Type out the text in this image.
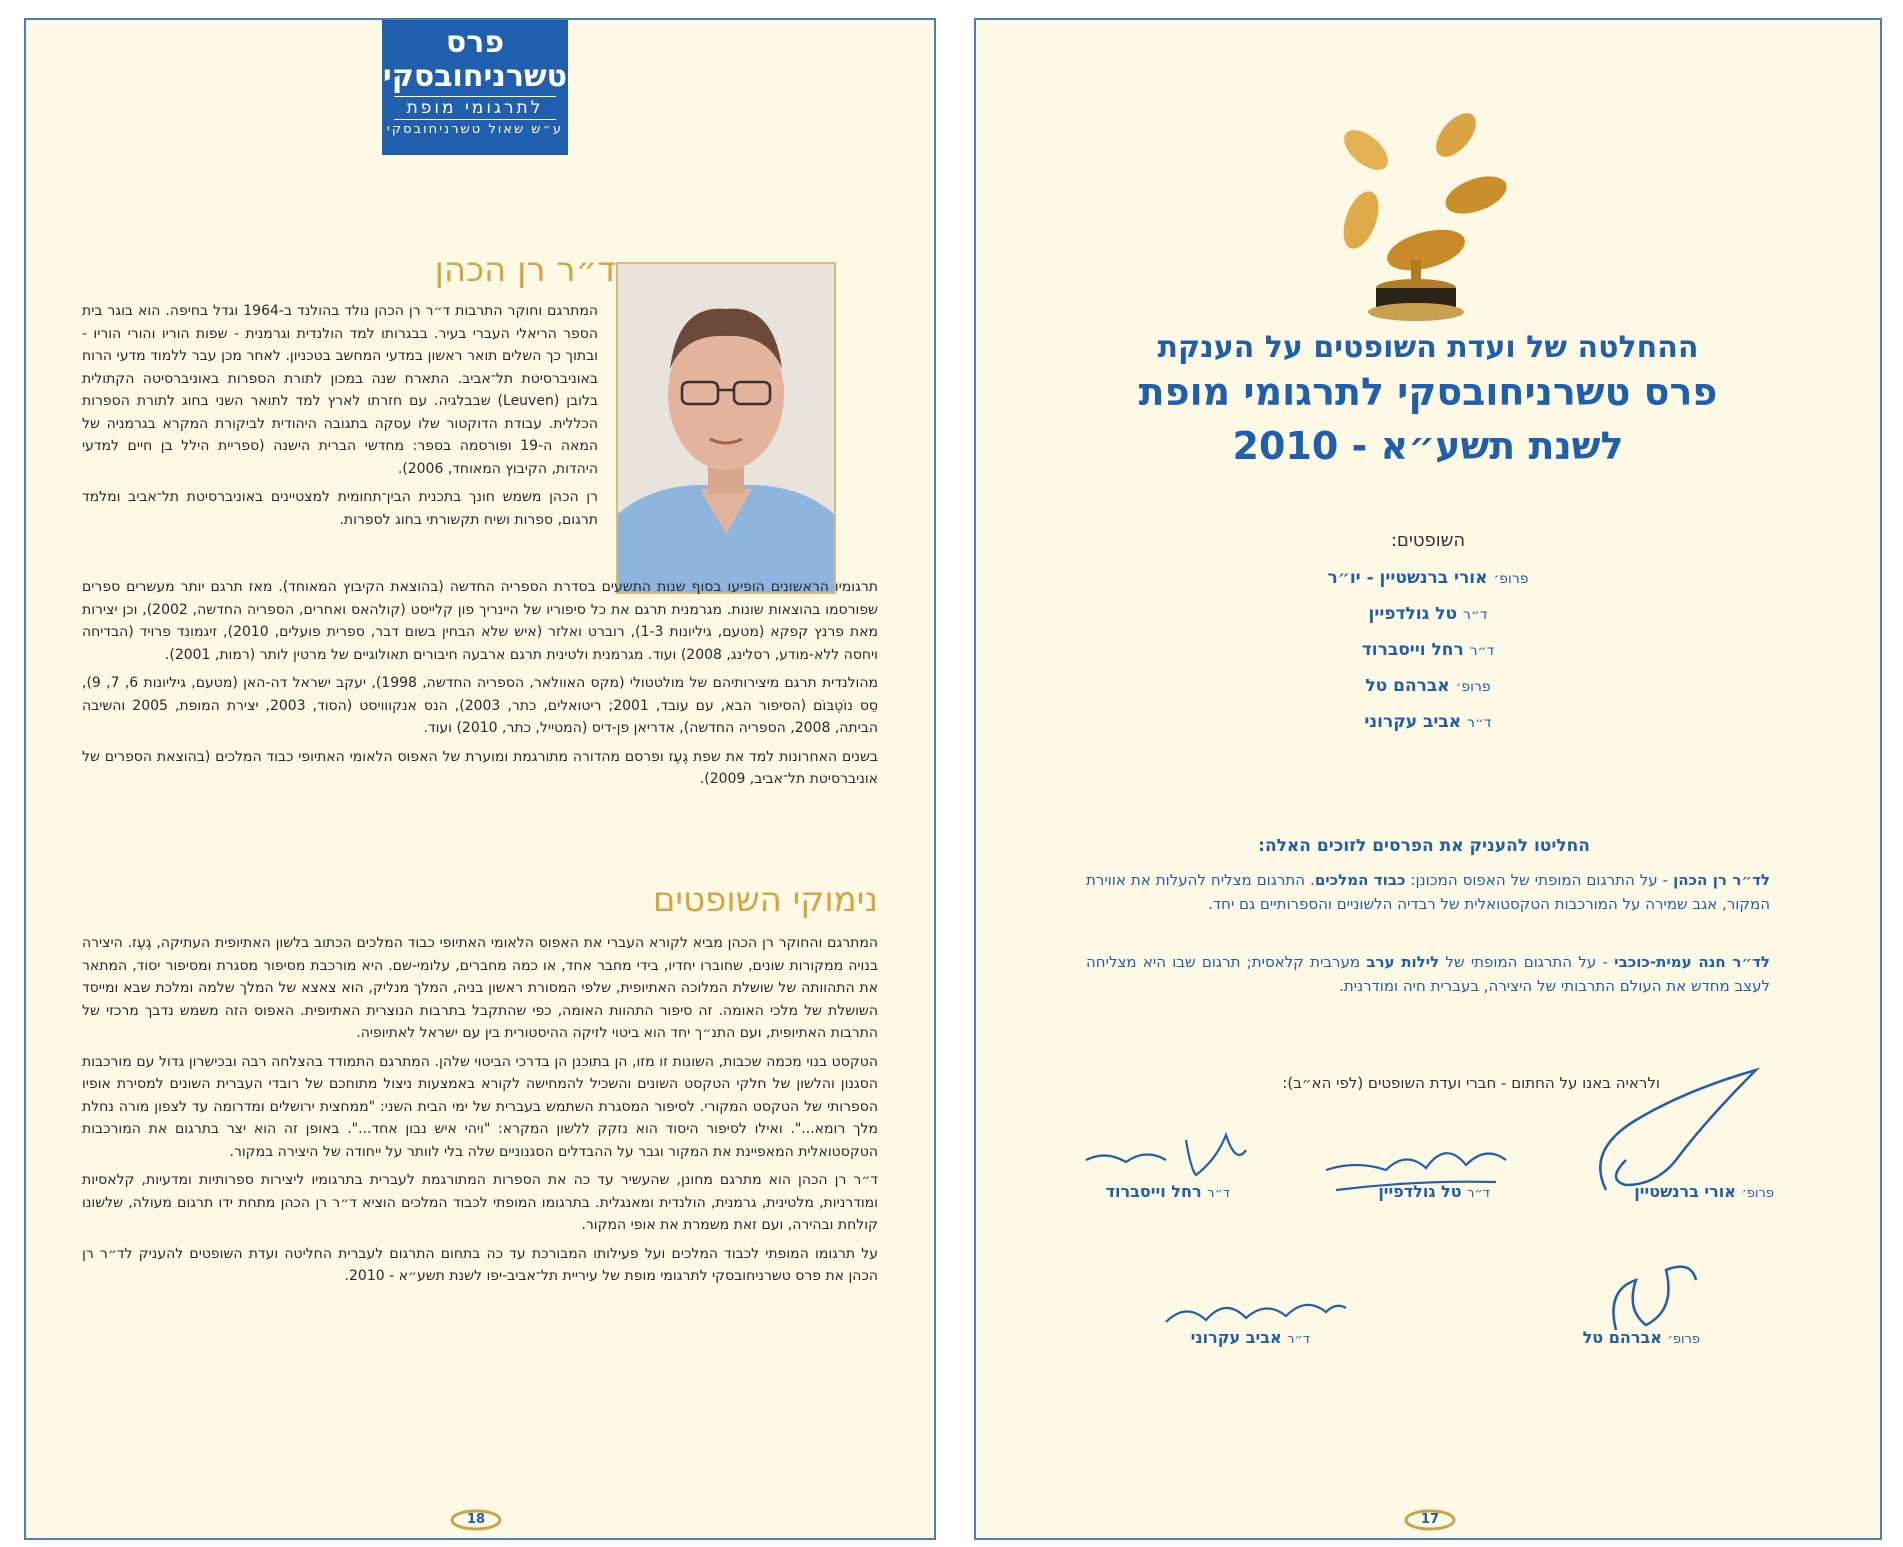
פרס
טשרניחובסקי
לתרגומי מופת
ע״ש שאול טשרניחובסקי
ד״ר רן הכהן

המתרגם וחוקר התרבות ד״ר רן הכהן נולד בהולנד ב-1964 וגדל בחיפה. הוא בוגר בית הספר הריאלי העברי בעיר. בבגרותו למד הולנדית וגרמנית - שפות הוריו והורי הוריו - ובתוך כך השלים תואר ראשון במדעי המחשב בטכניון. לאחר מכן עבר ללמוד מדעי הרוח באוניברסיטת תל־אביב. התארח שנה במכון לתורת הספרות באוניברסיטה הקתולית בלובן (Leuven) שבבלגיה. עם חזרתו לארץ למד לתואר השני בחוג לתורת הספרות הכללית. עבודת הדוקטור שלו עסקה בתגובה היהודית לביקורת המקרא בגרמניה של המאה ה-19 ופורסמה בספר: מחדשי הברית הישנה (ספריית הילל בן חיים למדעי היהדות, הקיבוץ המאוחד, 2006).

רן הכהן משמש חונך בתכנית הבין־תחומית למצטיינים באוניברסיטת תל־אביב ומלמד תרגום, ספרות ושיח תקשורתי בחוג לספרות.

תרגומיו הראשונים הופיעו בסוף שנות התשעים בסדרת הספריה החדשה (בהוצאת הקיבוץ המאוחד). מאז תרגם יותר מעשרים ספרים שפורסמו בהוצאות שונות. מגרמנית תרגם את כל סיפוריו של היינריך פון קלייסט (קולהאס ואחרים, הספריה החדשה, 2002), וכן יצירות מאת פרנץ קפקא (מטעם, גיליונות 1-3), רוברט ואלזר (איש שלא הבחין בשום דבר, ספרית פועלים, 2010), זיגמונד פרויד (הבדיחה ויחסה ללא-מודע, רסלינג, 2008) ועוד. מגרמנית ולטינית תרגם ארבעה חיבורים תאולוגיים של מרטין לותר (רמות, 2001).

מהולנדית תרגם מיצירותיהם של מולטטולי (מקס האוולאר, הספריה החדשה, 1998), יעקב ישראל דה-האן (מטעם, גיליונות 6, 7, 9), סֵס נוֹטֶבּוֹם (הסיפור הבא, עם עובד, 2001; ריטואלים, כתר, 2003), הנס אנקווויסט (הסוד, 2003, יצירת המופת, 2005 והשיבה הביתה, 2008, הספריה החדשה), אדריאן פן-דיס (המטייל, כתר, 2010) ועוד.

בשנים האחרונות למד את שפת גֶעֶז ופרסם מהדורה מתורגמת ומוערת של האפוס הלאומי האתיופי כבוד המלכים (בהוצאת הספרים של אוניברסיטת תל־אביב, 2009).

נימוקי השופטים

המתרגם והחוקר רן הכהן מביא לקורא העברי את האפוס הלאומי האתיופי כבוד המלכים הכתוב בלשון האתיופית העתיקה, גֶעֶז. היצירה בנויה ממקורות שונים, שחוברו יחדיו, בידי מחבר אחד, או כמה מחברים, עלומי-שם. היא מורכבת מסיפור מסגרת ומסיפור יסוד, המתאר את התהוותה של שושלת המלוכה האתיופית, שלפי המסורת ראשון בניה, המלך מנליק, הוא צאצא של המלך שלמה ומלכת שבא ומייסד השושלת של מלכי האומה. זה סיפור התהוות האומה, כפי שהתקבל בתרבות הנוצרית האתיופית. האפוס הזה משמש נדבך מרכזי של התרבות האתיופית, ועם התנ״ך יחד הוא ביטוי לזיקה ההיסטורית בין עם ישראל לאתיופיה.

הטקסט בנוי מכמה שכבות, השונות זו מזו, הן בתוכנן הן בדרכי הביטוי שלהן. המתרגם התמודד בהצלחה רבה ובכישרון גדול עם מורכבות הסגנון והלשון של חלקי הטקסט השונים והשכיל להמחישה לקורא באמצעות ניצול מתוחכם של רובדי העברית השונים למסירת אופיו הספרותי של הטקסט המקורי. לסיפור המסגרת השתמש בעברית של ימי הבית השני: "ממחצית ירושלים ומדרומה עד לצפון מורה נחלת מלך רומא...". ואילו לסיפור היסוד הוא נזקק ללשון המקרא: "ויהי איש נבון אחד...". באופן זה הוא יצר בתרגום את המורכבות הטקסטואלית המאפיינת את המקור וגבר על ההבדלים הסגנוניים שלה בלי לוותר על ייחודה של היצירה במקור.

ד״ר רן הכהן הוא מתרגם מחונן, שהעשיר עד כה את הספרות המתורגמת לעברית בתרגומיו ליצירות ספרותיות ומדעיות, קלאסיות ומודרניות, מלטינית, גרמנית, הולנדית ומאנגלית. בתרגומו המופתי לכבוד המלכים הוציא ד״ר רן הכהן מתחת ידו תרגום מעולה, שלשונו קולחת ובהירה, ועם זאת משמרת את אופי המקור.

על תרגומו המופתי לכבוד המלכים ועל פעילותו המבורכת עד כה בתחום התרגום לעברית החליטה ועדת השופטים להעניק לד״ר רן הכהן את פרס טשרניחובסקי לתרגומי מופת של עיריית תל־אביב-יפו לשנת תשע״א - 2010.

18
ההחלטה של ועדת השופטים על הענקת
פרס טשרניחובסקי לתרגומי מופת
לשנת תשע״א - 2010
השופטים:
פרופ׳ אורי ברנשטיין - יו״ר
ד״ר טל גולדפיין
ד״ר רחל וייסברוד
פרופ׳ אברהם טל
ד״ר אביב עקרוני
החליטו להעניק את הפרסים לזוכים האלה:
לד״ר רן הכהן - על התרגום המופתי של האפוס המכונן: כבוד המלכים. התרגום מצליח להעלות את אווירת המקור, אגב שמירה על המורכבות הטקסטואלית של רבדיה הלשוניים והספרותיים גם יחד.
לד״ר חנה עמית-כוכבי - על התרגום המופתי של לילות ערב מערבית קלאסית; תרגום שבו היא מצליחה לעצב מחדש את העולם התרבותי של היצירה, בעברית חיה ומודרנית.
ולראיה באנו על החתום - חברי ועדת השופטים (לפי הא״ב):
פרופ׳ אורי ברנשטיין
ד״ר טל גולדפיין
ד״ר רחל וייסברוד
פרופ׳ אברהם טל
ד״ר אביב עקרוני
17
